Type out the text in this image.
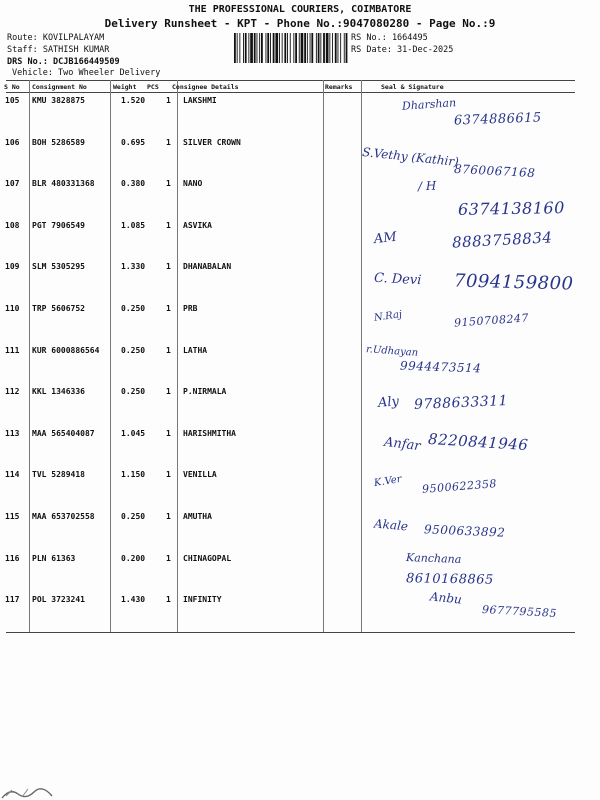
THE PROFESSIONAL COURIERS, COIMBATORE
Delivery Runsheet - KPT - Phone No.:9047080280 - Page No.:9
Route: KOVILPALAYAM
Staff: SATHISH KUMAR
DRS No.: DCJB166449509
Vehicle: Two Wheeler Delivery
RS No.: 1664495
RS Date: 31-Dec-2025
S No Consignment No	Weight PCS Consignee Details	Remarks	Seal & Signature
105 KMU 3828875	1.520	1 LAKSHMI	Dharshan
6374886615
106 BOH 5286589	0.695	1 SILVER CROWN
S.Vethy (Kathir)
8760067168
107 BLR 480331368	0.380	1 NANO	/ H
6374138160
108 PGT 7906549	1.085	1 ASVIKA
AM	8883758834
109 SLM 5305295	1.330	1 DHANABALAN
C. Devi 7094159800
110 TRP 5606752	0.250	1 PRB
N.Raj	9150708247
111 KUR 6000886564	0.250	1 LATHA	r.Udhayan
9944473514
112 KKL 1346336	0.250	1 P.NIRMALA
Aly 9788633311
113 MAA 565404087	1.045	1 HARISHMITHA
Anfar 8220841946
114 TVL 5289418	1.150	1 VENILLA	K.Ver 9500622358
115 MAA 653702558	0.250	1 AMUTHA
Akale 9500633892
116 PLN 61363	0.200	1 CHINAGOPAL	Kanchana
8610168865
117 POL 3723241	1.430	1 INFINITY	Anbu
9677795585
